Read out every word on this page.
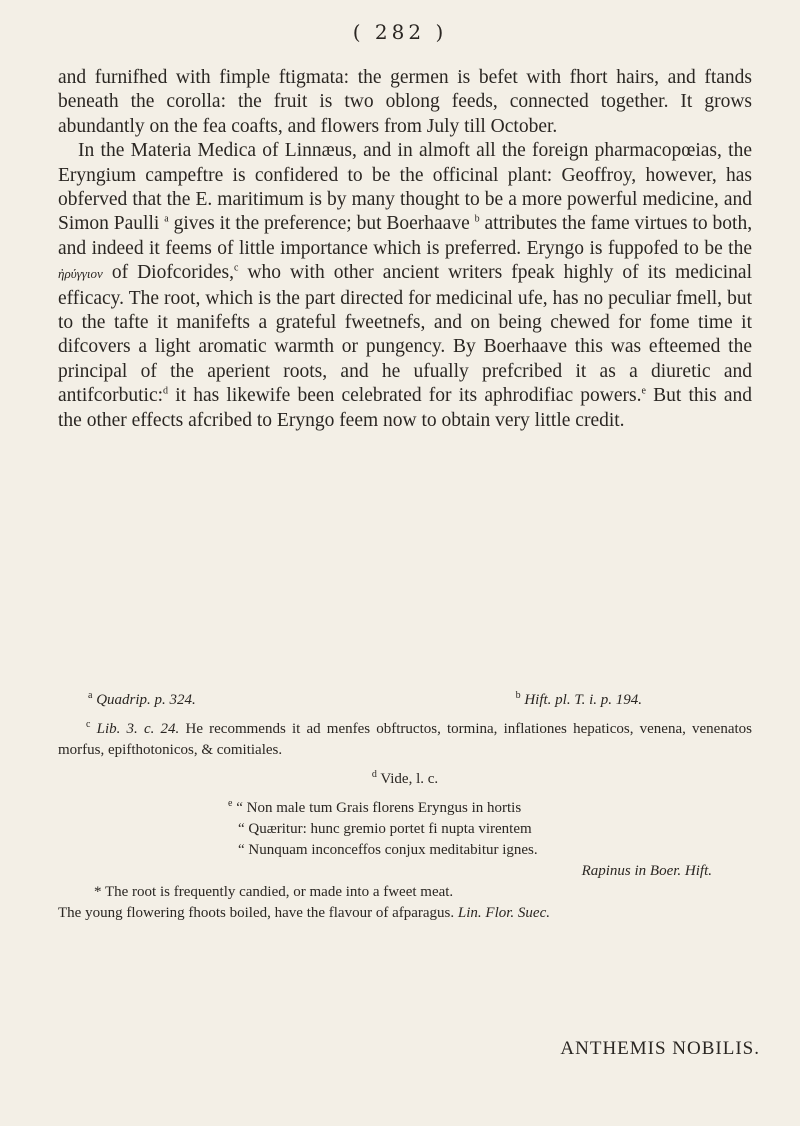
( 282 )

and furnifhed with fimple ftigmata: the germen is befet with fhort hairs, and ftands beneath the corolla: the fruit is two oblong feeds, connected together. It grows abundantly on the fea coafts, and flowers from July till October.

In the Materia Medica of Linnæus, and in almoft all the foreign pharmacopœias, the Eryngium campeftre is confidered to be the officinal plant: Geoffroy, however, has obferved that the E. maritimum is by many thought to be a more powerful medicine, and Simon Paulli $^a$ gives it the preference; but Boerhaave $^b$ attributes the fame virtues to both, and indeed it feems of little importance which is preferred. Eryngo is fuppofed to be the ἠρύγγιον of Diofcorides,$^c$ who with other ancient writers fpeak highly of its medicinal efficacy. The root, which is the part directed for medicinal ufe, has no peculiar fmell, but to the tafte it manifefts a grateful fweetnefs, and on being chewed for fome time it difcovers a light aromatic warmth or pungency. By Boerhaave this was efteemed the principal of the aperient roots, and he ufually prefcribed it as a diuretic and antifcorbutic:$^d$ it has likewife been celebrated for its aphrodifiac powers.$^e$ But this and the other effects afcribed to Eryngo feem now to obtain very little credit.

$^a$ Quadrip. p. 324.	$^b$ Hift. pl. T. i. p. 194.
$^c$ Lib. 3. c. 24. He recommends it ad menfes obftructos, tormina, inflationes hepaticos, venena, venenatos morfus, epifthotonicos, & comitiales.
$^d$ Vide, l. c.
$^e$ “ Non male tum Grais florens Eryngus in hortis
“ Quæritur: hunc gremio portet fi nupta virentem
“ Nunquam inconceffos conjux meditabitur ignes.
Rapinus in Boer. Hift.
* The root is frequently candied, or made into a fweet meat.
The young flowering fhoots boiled, have the flavour of afparagus. Lin. Flor. Suec.
ANTHEMIS NOBILIS.
